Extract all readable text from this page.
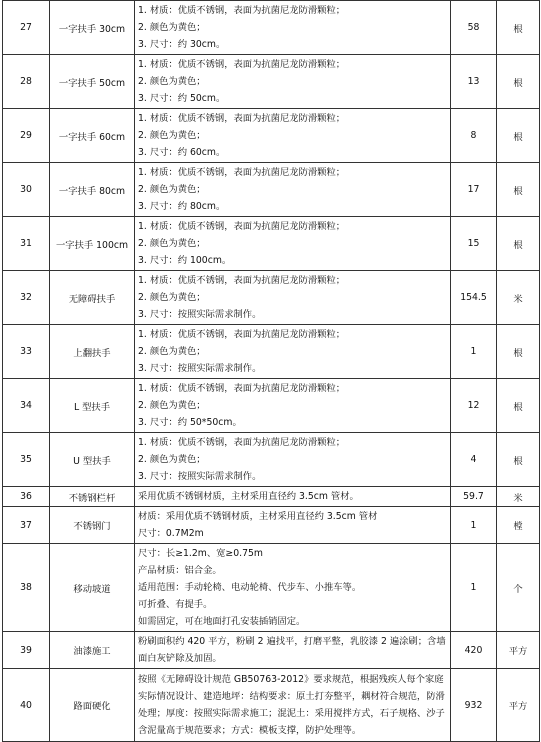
27	一字扶手 30cm	1. 材质：优质不锈钢，表面为抗菌尼龙防滑颗粒；
2. 颜色为黄色；
3. 尺寸：约 30cm。	58	根
28	一字扶手 50cm	1. 材质：优质不锈钢，表面为抗菌尼龙防滑颗粒；
2. 颜色为黄色；
3. 尺寸：约 50cm。	13	根
29	一字扶手 60cm	1. 材质：优质不锈钢，表面为抗菌尼龙防滑颗粒；
2. 颜色为黄色；
3. 尺寸：约 60cm。	8	根
30	一字扶手 80cm	1. 材质：优质不锈钢，表面为抗菌尼龙防滑颗粒；
2. 颜色为黄色；
3. 尺寸：约 80cm。	17	根
31	一字扶手 100cm	1. 材质：优质不锈钢，表面为抗菌尼龙防滑颗粒；
2. 颜色为黄色；
3. 尺寸：约 100cm。	15	根
32	无障碍扶手	1. 材质：优质不锈钢，表面为抗菌尼龙防滑颗粒；
2. 颜色为黄色；
3. 尺寸：按照实际需求制作。	154.5	米
33	上翻扶手	1. 材质：优质不锈钢，表面为抗菌尼龙防滑颗粒；
2. 颜色为黄色；
3. 尺寸：按照实际需求制作。	1	根
34	L 型扶手	1. 材质：优质不锈钢，表面为抗菌尼龙防滑颗粒；
2. 颜色为黄色；
3. 尺寸：约 50*50cm。	12	根
35	U 型扶手	1. 材质：优质不锈钢，表面为抗菌尼龙防滑颗粒；
2. 颜色为黄色；
3. 尺寸：按照实际需求制作。	4	根
36	不锈钢栏杆	采用优质不锈钢材质，主材采用直径约 3.5cm 管材。	59.7	米
37	不锈钢门	材质：采用优质不锈钢材质，主材采用直径约 3.5cm 管材
尺寸：0.7M2m	1	樘
38	移动坡道	尺寸：长≥1.2m、宽≥0.75m
产品材质：铝合金。
适用范围：手动轮椅、电动轮椅、代步车、小推车等。
可折叠、有提手。
如需固定，可在地面打孔安装插销固定。	1	个
39	油漆施工	粉刷面积约 420 平方，粉刷 2 遍找平，打磨平整，乳胶漆 2 遍涂刷；含墙面白灰铲除及加固。	420	平方
40	路面硬化	按照《无障碍设计规范 GB50763-2012》要求规范，根据残疾人每个家庭实际情况设计、建造地坪：结构要求：原土打夯整平，耦材符合规范，防滑处理；厚度：按照实际需求施工；混泥土：采用搅拌方式，石子规格、沙子含泥量高于规范要求；方式：模板支撑，防护处理等。	932	平方
